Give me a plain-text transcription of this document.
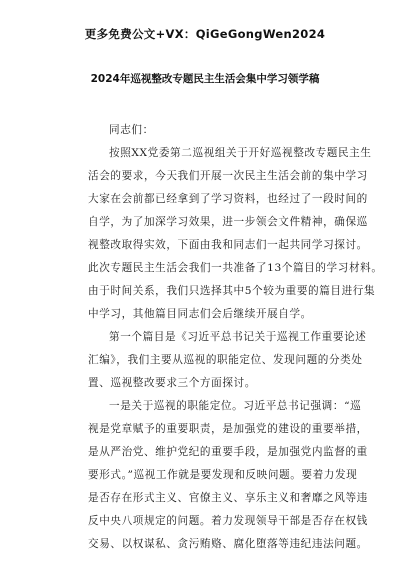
更多免费公文+VX：QiGeGongWen2024
2024年巡视整改专题民主生活会集中学习领学稿
同志们：
按照XX党委第二巡视组关于开好巡视整改专题民主生
活会的要求，今天我们开展一次民主生活会前的集中学习
大家在会前都已经拿到了学习资料，也经过了一段时间的
自学，为了加深学习效果，进一步领会文件精神，确保巡
视整改取得实效，下面由我和同志们一起共同学习探讨。
此次专题民主生活会我们一共准备了13个篇目的学习材料。
由于时间关系，我们只选择其中5个较为重要的篇目进行集
中学习，其他篇目同志们会后继续开展自学。
第一个篇目是《习近平总书记关于巡视工作重要论述
汇编》，我们主要从巡视的职能定位、发现问题的分类处
置、巡视整改要求三个方面探讨。
一是关于巡视的职能定位。习近平总书记强调：“巡
视是党章赋予的重要职责，是加强党的建设的重要举措，
是从严治党、维护党纪的重要手段，是加强党内监督的重
要形式。”巡视工作就是要发现和反映问题。要着力发现
是否存在形式主义、官僚主义、享乐主义和奢靡之风等违
反中央八项规定的问题。着力发现领导干部是否存在权钱
交易、以权谋私、贪污贿赂、腐化堕落等违纪违法问题。
